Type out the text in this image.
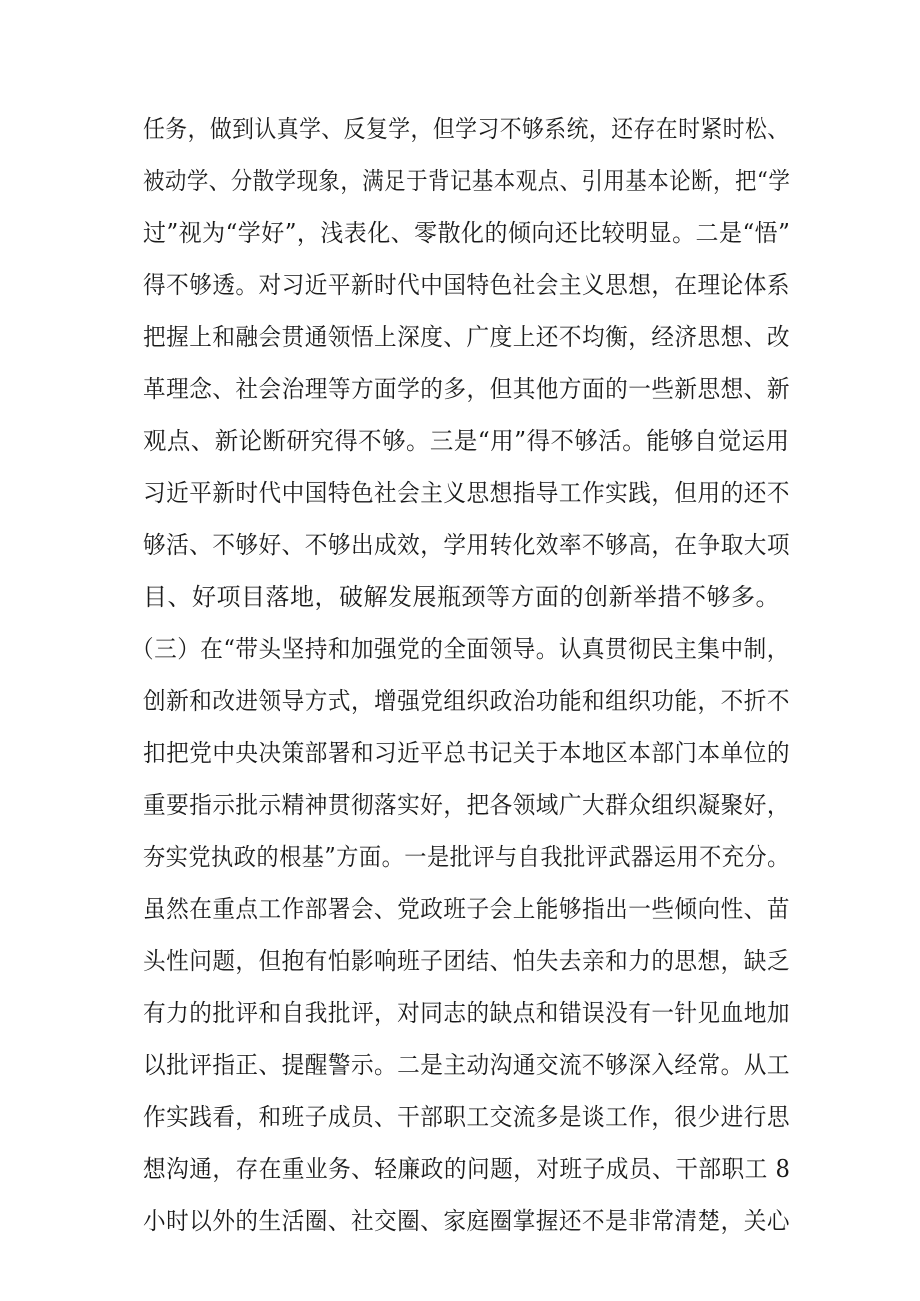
任务，做到认真学、反复学，但学习不够系统，还存在时紧时松、
被动学、分散学现象，满足于背记基本观点、引用基本论断，把“学
过”视为“学好”，浅表化、零散化的倾向还比较明显。二是“悟”
得不够透。对习近平新时代中国特色社会主义思想，在理论体系
把握上和融会贯通领悟上深度、广度上还不均衡，经济思想、改
革理念、社会治理等方面学的多，但其他方面的一些新思想、新
观点、新论断研究得不够。三是“用”得不够活。能够自觉运用
习近平新时代中国特色社会主义思想指导工作实践，但用的还不
够活、不够好、不够出成效，学用转化效率不够高，在争取大项
目、好项目落地，破解发展瓶颈等方面的创新举措不够多。
（三）在“带头坚持和加强党的全面领导。认真贯彻民主集中制，
创新和改进领导方式，增强党组织政治功能和组织功能，不折不
扣把党中央决策部署和习近平总书记关于本地区本部门本单位的
重要指示批示精神贯彻落实好，把各领域广大群众组织凝聚好，
夯实党执政的根基”方面。一是批评与自我批评武器运用不充分。
虽然在重点工作部署会、党政班子会上能够指出一些倾向性、苗
头性问题，但抱有怕影响班子团结、怕失去亲和力的思想，缺乏
有力的批评和自我批评，对同志的缺点和错误没有一针见血地加
以批评指正、提醒警示。二是主动沟通交流不够深入经常。从工
作实践看，和班子成员、干部职工交流多是谈工作，很少进行思
想沟通，存在重业务、轻廉政的问题，对班子成员、干部职工 8
小时以外的生活圈、社交圈、家庭圈掌握还不是非常清楚，关心
